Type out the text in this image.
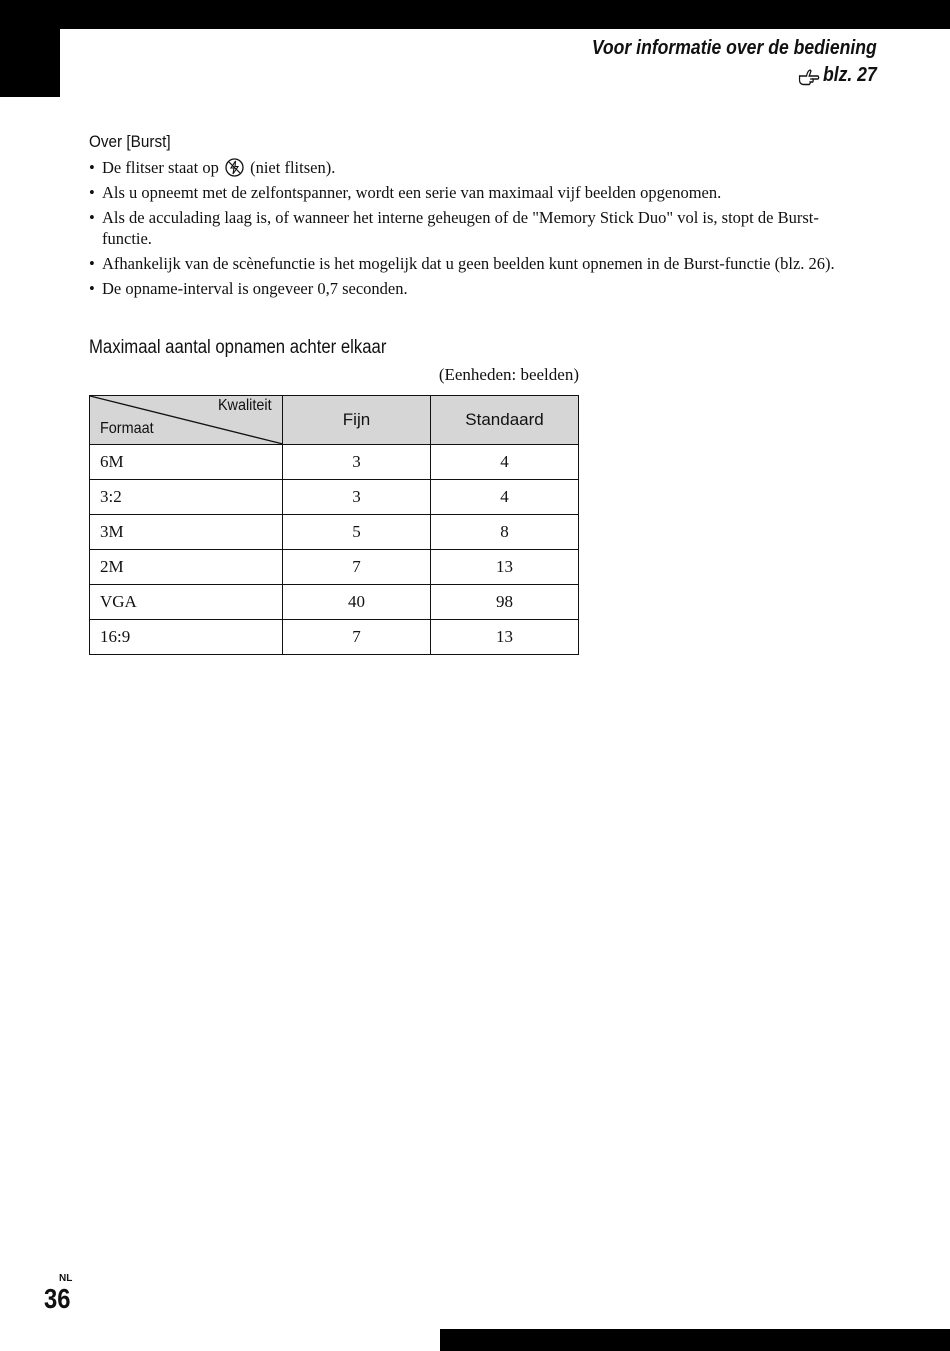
Voor informatie over de bediening
blz. 27
Over [Burst]
• De flitser staat op (niet flitsen).
• Als u opneemt met de zelfontspanner, wordt een serie van maximaal vijf beelden opgenomen.
• Als de acculading laag is, of wanneer het interne geheugen of de "Memory Stick Duo" vol is, stopt de Burst-functie.
• Afhankelijk van de scènefunctie is het mogelijk dat u geen beelden kunt opnemen in de Burst-functie (blz. 26).
• De opname-interval is ongeveer 0,7 seconden.
Maximaal aantal opnamen achter elkaar
(Eenheden: beelden)
Kwaliteit
Formaat	Fijn	Standaard
6M	3	4
3:2	3	4
3M	5	8
2M	7	13
VGA	40	98
16:9	7	13
NL
36
